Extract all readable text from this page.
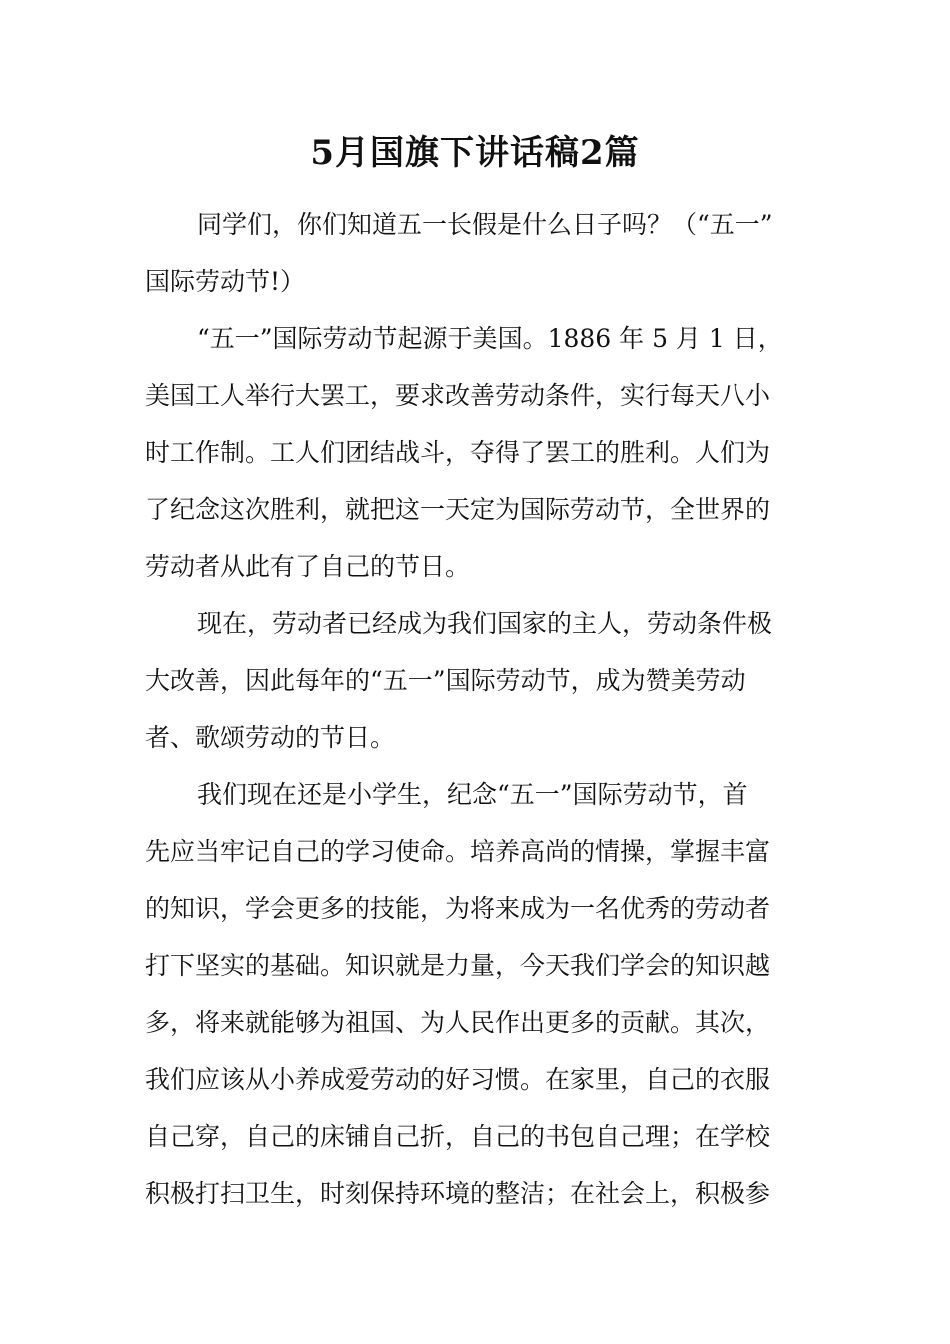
5月国旗下讲话稿2篇

同学们，你们知道五一长假是什么日子吗？（“五一”
国际劳动节!）

“五一”国际劳动节起源于美国。1886 年 5 月 1 日，
美国工人举行大罢工，要求改善劳动条件，实行每天八小
时工作制。工人们团结战斗，夺得了罢工的胜利。人们为
了纪念这次胜利，就把这一天定为国际劳动节，全世界的
劳动者从此有了自己的节日。

现在，劳动者已经成为我们国家的主人，劳动条件极
大改善，因此每年的“五一”国际劳动节，成为赞美劳动
者、歌颂劳动的节日。

我们现在还是小学生，纪念“五一”国际劳动节，首
先应当牢记自己的学习使命。培养高尚的情操，掌握丰富
的知识，学会更多的技能，为将来成为一名优秀的劳动者
打下坚实的基础。知识就是力量，今天我们学会的知识越
多，将来就能够为祖国、为人民作出更多的贡献。其次，
我们应该从小养成爱劳动的好习惯。在家里，自己的衣服
自己穿，自己的床铺自己折，自己的书包自己理；在学校
积极打扫卫生，时刻保持环境的整洁；在社会上，积极参
